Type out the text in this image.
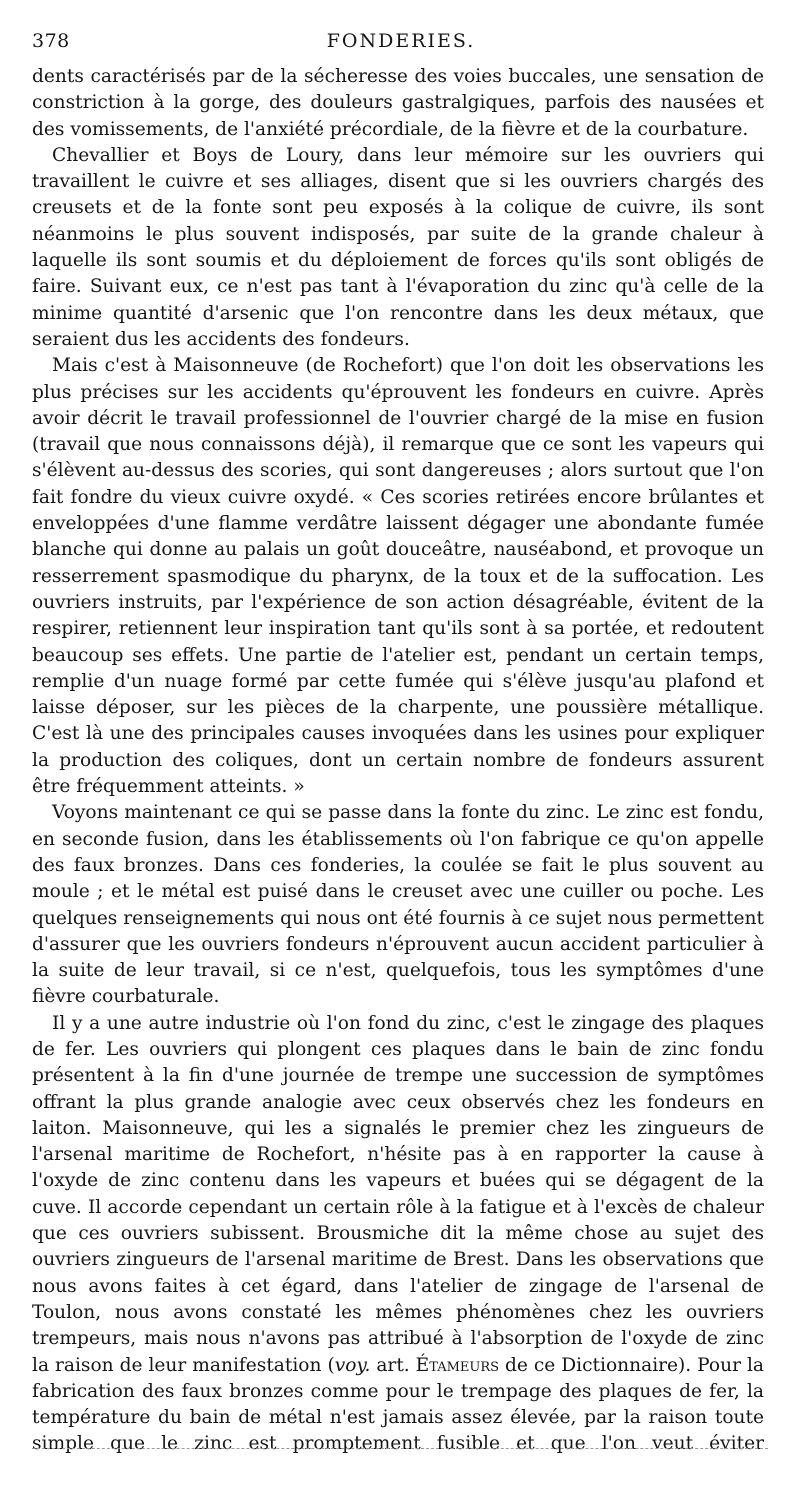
378	FONDERIES.

dents caractérisés par de la sécheresse des voies buccales, une sensation de constriction à la gorge, des douleurs gastralgiques, parfois des nausées et des vomissements, de l'anxiété précordiale, de la fièvre et de la courbature.

Chevallier et Boys de Loury, dans leur mémoire sur les ouvriers qui travaillent le cuivre et ses alliages, disent que si les ouvriers chargés des creusets et de la fonte sont peu exposés à la colique de cuivre, ils sont néanmoins le plus souvent indisposés, par suite de la grande chaleur à laquelle ils sont soumis et du déploiement de forces qu'ils sont obligés de faire. Suivant eux, ce n'est pas tant à l'évaporation du zinc qu'à celle de la minime quantité d'arsenic que l'on rencontre dans les deux métaux, que seraient dus les accidents des fondeurs.

Mais c'est à Maisonneuve (de Rochefort) que l'on doit les observations les plus précises sur les accidents qu'éprouvent les fondeurs en cuivre. Après avoir décrit le travail professionnel de l'ouvrier chargé de la mise en fusion (travail que nous connaissons déjà), il remarque que ce sont les vapeurs qui s'élèvent au-dessus des scories, qui sont dangereuses ; alors surtout que l'on fait fondre du vieux cuivre oxydé. « Ces scories retirées encore brûlantes et enveloppées d'une flamme verdâtre laissent dégager une abondante fumée blanche qui donne au palais un goût douceâtre, nauséabond, et provoque un resserrement spasmodique du pharynx, de la toux et de la suffocation. Les ouvriers instruits, par l'expérience de son action désagréable, évitent de la respirer, retiennent leur inspiration tant qu'ils sont à sa portée, et redoutent beaucoup ses effets. Une partie de l'atelier est, pendant un certain temps, remplie d'un nuage formé par cette fumée qui s'élève jusqu'au plafond et laisse déposer, sur les pièces de la charpente, une poussière métallique. C'est là une des principales causes invoquées dans les usines pour expliquer la production des coliques, dont un certain nombre de fondeurs assurent être fréquemment atteints. »

Voyons maintenant ce qui se passe dans la fonte du zinc. Le zinc est fondu, en seconde fusion, dans les établissements où l'on fabrique ce qu'on appelle des faux bronzes. Dans ces fonderies, la coulée se fait le plus souvent au moule ; et le métal est puisé dans le creuset avec une cuiller ou poche. Les quelques renseignements qui nous ont été fournis à ce sujet nous permettent d'assurer que les ouvriers fondeurs n'éprouvent aucun accident particulier à la suite de leur travail, si ce n'est, quelquefois, tous les symptômes d'une fièvre courbaturale.

Il y a une autre industrie où l'on fond du zinc, c'est le zingage des plaques de fer. Les ouvriers qui plongent ces plaques dans le bain de zinc fondu présentent à la fin d'une journée de trempe une succession de symptômes offrant la plus grande analogie avec ceux observés chez les fondeurs en laiton. Maisonneuve, qui les a signalés le premier chez les zingueurs de l'arsenal maritime de Rochefort, n'hésite pas à en rapporter la cause à l'oxyde de zinc contenu dans les vapeurs et buées qui se dégagent de la cuve. Il accorde cependant un certain rôle à la fatigue et à l'excès de chaleur que ces ouvriers subissent. Brousmiche dit la même chose au sujet des ouvriers zingueurs de l'arsenal maritime de Brest. Dans les observations que nous avons faites à cet égard, dans l'atelier de zingage de l'arsenal de Toulon, nous avons constaté les mêmes phénomènes chez les ouvriers trempeurs, mais nous n'avons pas attribué à l'absorption de l'oxyde de zinc la raison de leur manifestation (voy. art. Étameurs de ce Dictionnaire). Pour la fabrication des faux bronzes comme pour le trempage des plaques de fer, la température du bain de métal n'est jamais assez élevée, par la raison toute simple que le zinc est promptement fusible et que l'on veut éviter
